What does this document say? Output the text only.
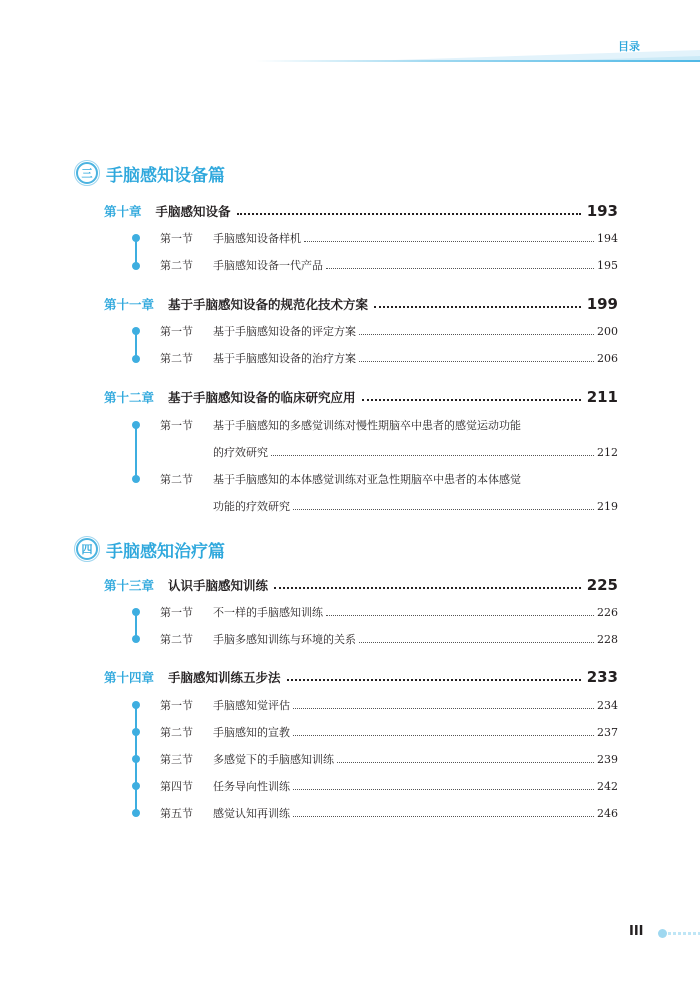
目录
三 手脑感知设备篇
第十章 手脑感知设备	193
第一节	手脑感知设备样机	194
第二节	手脑感知设备一代产品	195
第十一章 基于手脑感知设备的规范化技术方案	199
第一节	基于手脑感知设备的评定方案	200
第二节	基于手脑感知设备的治疗方案	206
第十二章 基于手脑感知设备的临床研究应用	211
第一节	基于手脑感知的多感觉训练对慢性期脑卒中患者的感觉运动功能
的疗效研究	212
第二节	基于手脑感知的本体感觉训练对亚急性期脑卒中患者的本体感觉
功能的疗效研究	219
四 手脑感知治疗篇
第十三章 认识手脑感知训练	225
第一节	不一样的手脑感知训练	226
第二节	手脑多感知训练与环境的关系	228
第十四章 手脑感知训练五步法	233
第一节	手脑感知觉评估	234
第二节	手脑感知的宣教	237
第三节	多感觉下的手脑感知训练	239
第四节	任务导向性训练	242
第五节	感觉认知再训练	246
III
